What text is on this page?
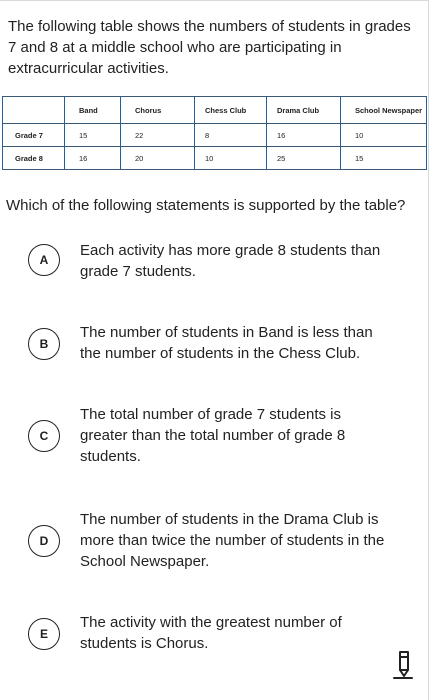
The following table shows the numbers of students in grades 7 and 8 at a middle school who are participating in extracurricular activities.
	Band	Chorus	Chess Club	Drama Club	School Newspaper
Grade 7	15	22	8	16	10
Grade 8	16	20	10	25	15
Which of the following statements is supported by the table?
A
Each activity has more grade 8 students than grade 7 students.
B
The number of students in Band is less than the number of students in the Chess Club.
C
The total number of grade 7 students is greater than the total number of grade 8 students.
D
The number of students in the Drama Club is more than twice the number of students in the School Newspaper.
E
The activity with the greatest number of students is Chorus.
